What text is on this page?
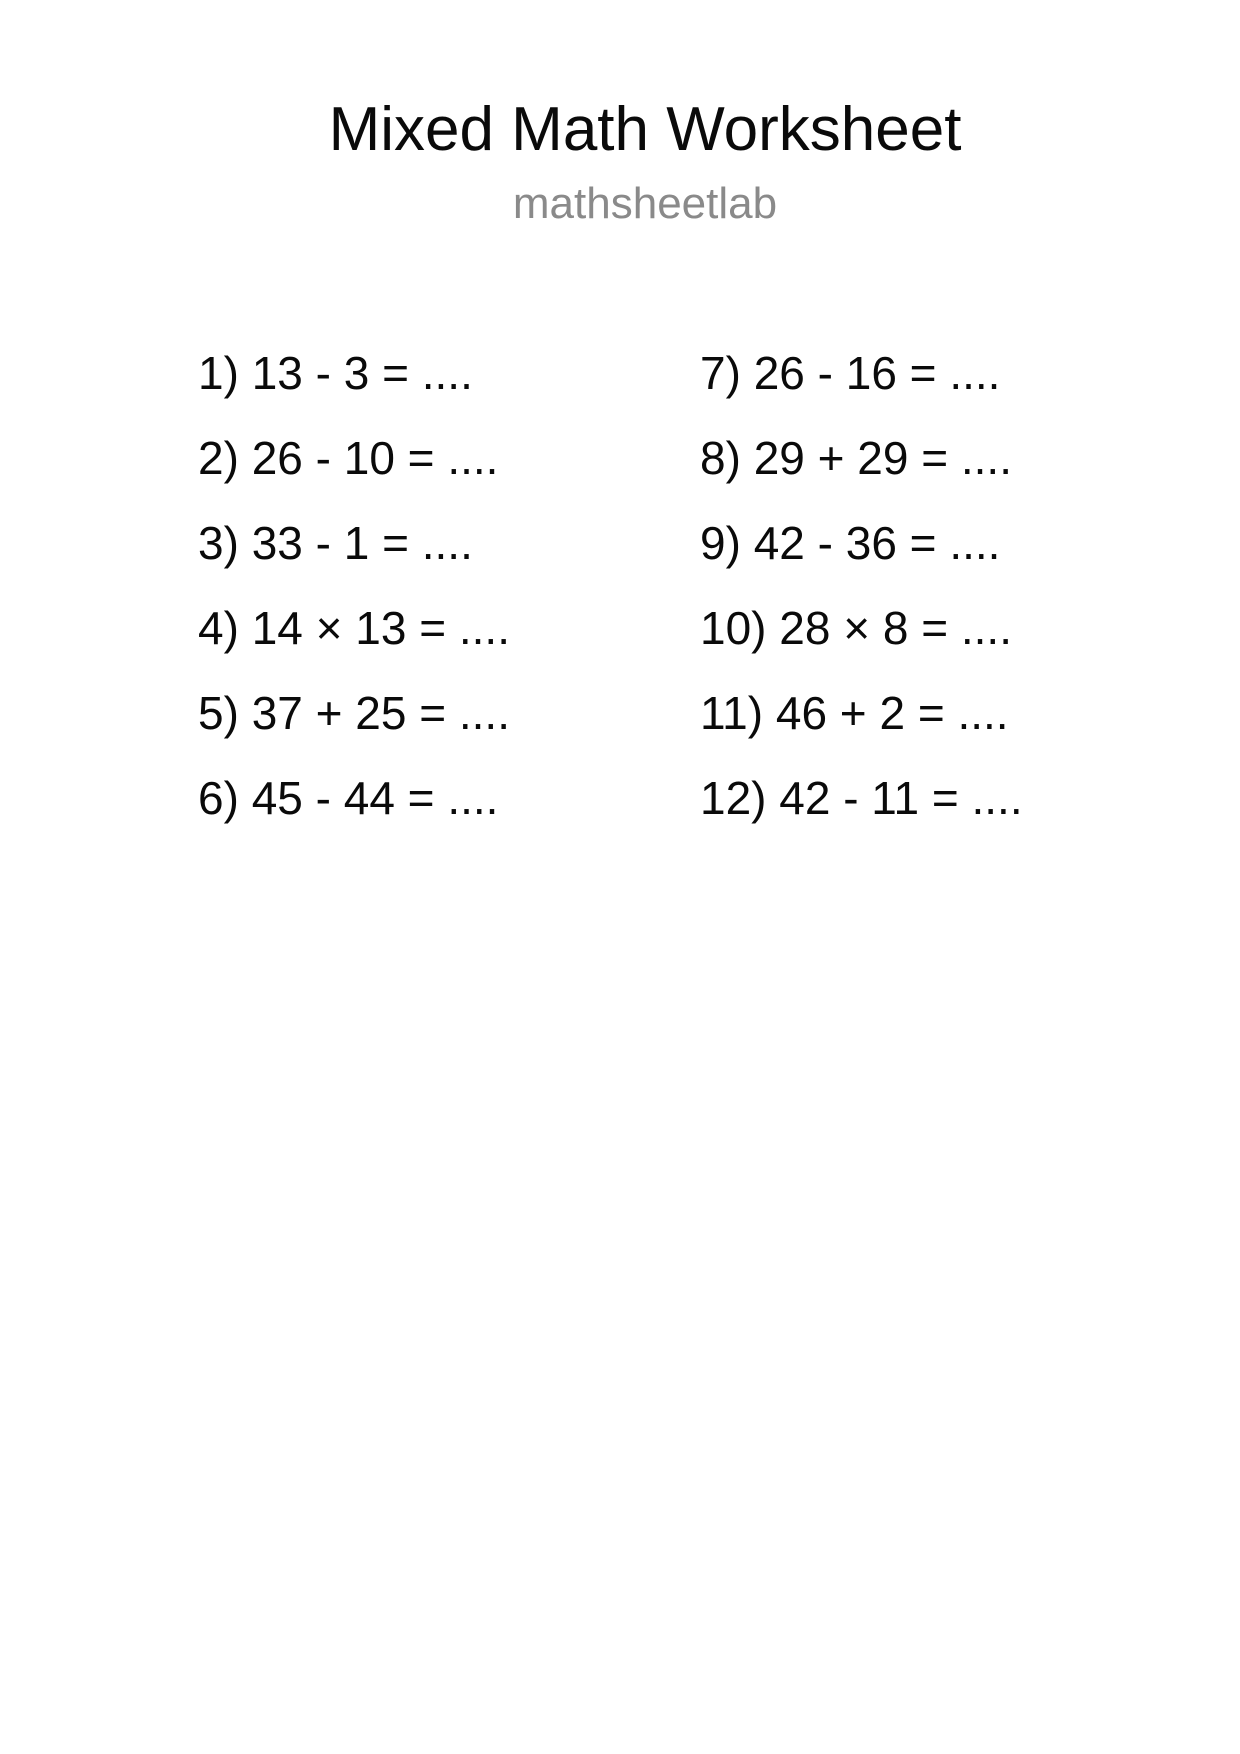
Mixed Math Worksheet
mathsheetlab
1) 13 - 3 = ....
2) 26 - 10 = ....
3) 33 - 1 = ....
4) 14 × 13 = ....
5) 37 + 25 = ....
6) 45 - 44 = ....
7) 26 - 16 = ....
8) 29 + 29 = ....
9) 42 - 36 = ....
10) 28 × 8 = ....
11) 46 + 2 = ....
12) 42 - 11 = ....
